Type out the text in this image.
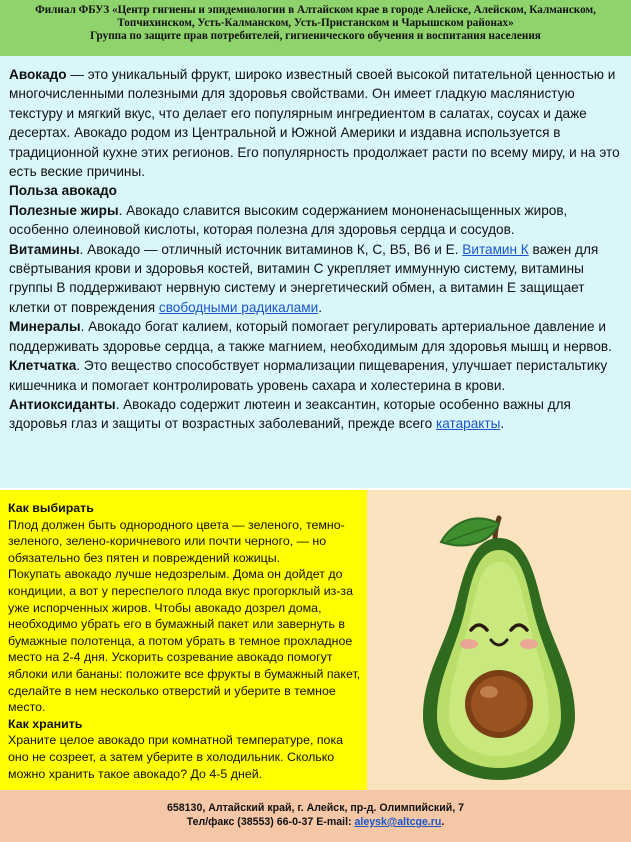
Филиал ФБУЗ «Центр гигиены и эпидемиологии в Алтайском крае в городе Алейске, Алейском, Калманском,
Топчихинском, Усть-Калманском, Усть-Пристанском и Чарышском районах»
Группа по защите прав потребителей, гигиенического обучения и воспитания населения

Авокадо — это уникальный фрукт, широко известный своей высокой питательной ценностью и многочисленными полезными для здоровья свойствами. Он имеет гладкую маслянистую текстуру и мягкий вкус, что делает его популярным ингредиентом в салатах, соусах и даже десертах. Авокадо родом из Центральной и Южной Америки и издавна используется в традиционной кухне этих регионов. Его популярность продолжает расти по всему миру, и на это есть веские причины.

Польза авокадо

Полезные жиры. Авокадо славится высоким содержанием мононенасыщенных жиров, особенно олеиновой кислоты, которая полезна для здоровья сердца и сосудов.

Витамины. Авокадо — отличный источник витаминов К, С, В5, В6 и Е. Витамин К важен для свёртывания крови и здоровья костей, витамин С укрепляет иммунную систему, витамины группы В поддерживают нервную систему и энергетический обмен, а витамин Е защищает клетки от повреждения свободными радикалами.

Минералы. Авокадо богат калием, который помогает регулировать артериальное давление и поддерживать здоровье сердца, а также магнием, необходимым для здоровья мышц и нервов.

Клетчатка. Это вещество способствует нормализации пищеварения, улучшает перистальтику кишечника и помогает контролировать уровень сахара и холестерина в крови.

Антиоксиданты. Авокадо содержит лютеин и зеаксантин, которые особенно важны для здоровья глаз и защиты от возрастных заболеваний, прежде всего катаракты.

Как выбирать

Плод должен быть однородного цвета — зеленого, темно-зеленого, зелено-коричневого или почти черного, — но обязательно без пятен и повреждений кожицы.

Покупать авокадо лучше недозрелым. Дома он дойдет до кондиции, а вот у переспелого плода вкус прогорклый из-за уже испорченных жиров. Чтобы авокадо дозрел дома, необходимо убрать его в бумажный пакет или завернуть в бумажные полотенца, а потом убрать в темное прохладное место на 2-4 дня. Ускорить созревание авокадо помогут яблоки или бананы: положите все фрукты в бумажный пакет, сделайте в нем несколько отверстий и уберите в темное место.

Как хранить

Храните целое авокадо при комнатной температуре, пока оно не созреет, а затем уберите в холодильник. Сколько можно хранить такое авокадо? До 4-5 дней.

658130, Алтайский край, г. Алейск, пр-д. Олимпийский, 7
Тел/факс (38553) 66-0-37 E-mail: aleysk@altcge.ru.
